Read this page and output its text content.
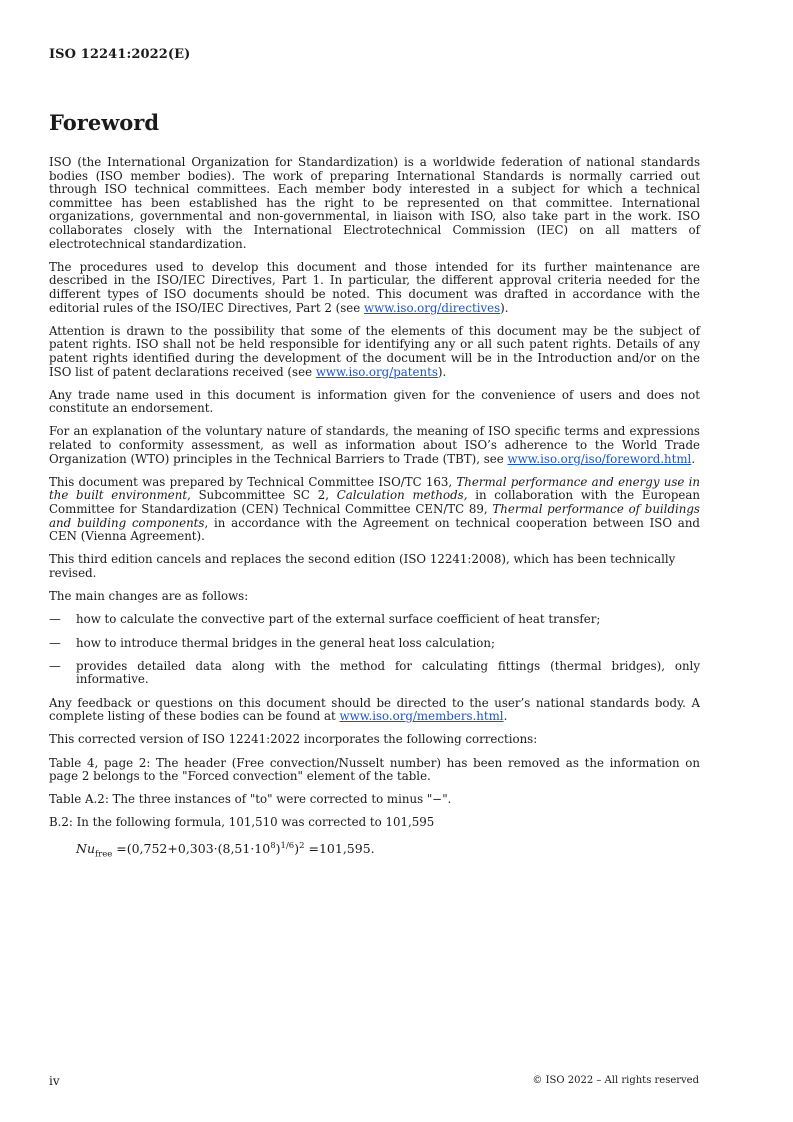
ISO 12241:2022(E)
Foreword

ISO (the International Organization for Standardization) is a worldwide federation of national standards bodies (ISO member bodies). The work of preparing International Standards is normally carried out through ISO technical committees. Each member body interested in a subject for which a technical committee has been established has the right to be represented on that committee. International organizations, governmental and non-governmental, in liaison with ISO, also take part in the work. ISO collaborates closely with the International Electrotechnical Commission (IEC) on all matters of electrotechnical standardization.

The procedures used to develop this document and those intended for its further maintenance are described in the ISO/IEC Directives, Part 1. In particular, the different approval criteria needed for the different types of ISO documents should be noted. This document was drafted in accordance with the editorial rules of the ISO/IEC Directives, Part 2 (see www.iso.org/directives).

Attention is drawn to the possibility that some of the elements of this document may be the subject of patent rights. ISO shall not be held responsible for identifying any or all such patent rights. Details of any patent rights identified during the development of the document will be in the Introduction and/or on the ISO list of patent declarations received (see www.iso.org/patents).

Any trade name used in this document is information given for the convenience of users and does not constitute an endorsement.

For an explanation of the voluntary nature of standards, the meaning of ISO specific terms and expressions related to conformity assessment, as well as information about ISO’s adherence to the World Trade Organization (WTO) principles in the Technical Barriers to Trade (TBT), see www.iso.org/iso/foreword.html.

This document was prepared by Technical Committee ISO/TC 163, Thermal performance and energy use in the built environment, Subcommittee SC 2, Calculation methods, in collaboration with the European Committee for Standardization (CEN) Technical Committee CEN/TC 89, Thermal performance of buildings and building components, in accordance with the Agreement on technical cooperation between ISO and CEN (Vienna Agreement).

This third edition cancels and replaces the second edition (ISO 12241:2008), which has been technically revised.

The main changes are as follows:

— how to calculate the convective part of the external surface coefficient of heat transfer;
— how to introduce thermal bridges in the general heat loss calculation;
— provides detailed data along with the method for calculating fittings (thermal bridges), only informative.

Any feedback or questions on this document should be directed to the user’s national standards body. A complete listing of these bodies can be found at www.iso.org/members.html.

This corrected version of ISO 12241:2022 incorporates the following corrections:

Table 4, page 2: The header (Free convection/Nusselt number) has been removed as the information on page 2 belongs to the "Forced convection" element of the table.

Table A.2: The three instances of "to" were corrected to minus "−".

B.2: In the following formula, 101,510 was corrected to 101,595

$Nu_{free} =(0,752+0,303\cdot(8,51\cdot 10^8)^{1/6})^2 =101,595$.
iv	© ISO 2022 – All rights reserved
